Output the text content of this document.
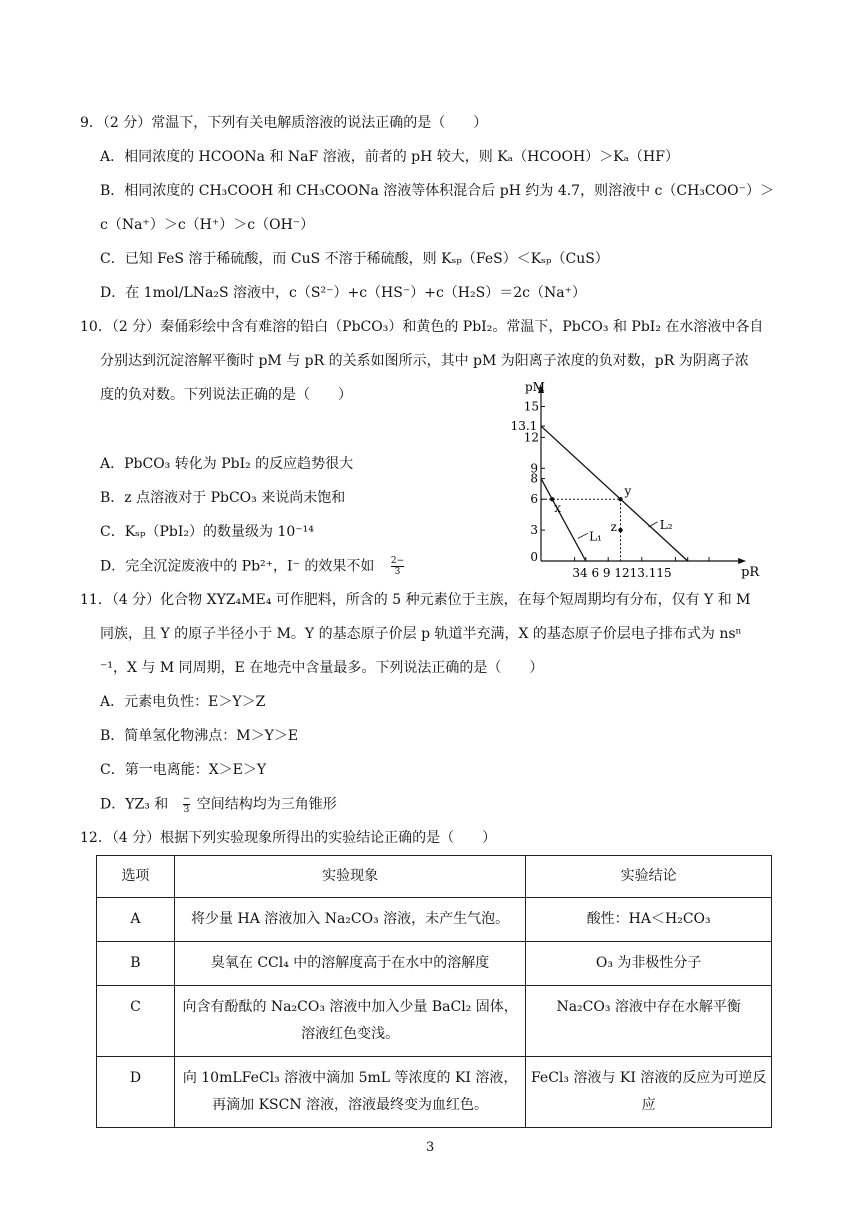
9．（2 分）常温下，下列有关电解质溶液的说法正确的是（　　）
A．相同浓度的 HCOONa 和 NaF 溶液，前者的 pH 较大，则 Kₐ（HCOOH）＞Kₐ（HF）
B．相同浓度的 CH₃COOH 和 CH₃COONa 溶液等体积混合后 pH 约为 4.7，则溶液中 c（CH₃COO⁻）＞
c（Na⁺）＞c（H⁺）＞c（OH⁻）
C．已知 FeS 溶于稀硫酸，而 CuS 不溶于稀硫酸，则 Kₛₚ（FeS）＜Kₛₚ（CuS）
D．在 1mol/LNa₂S 溶液中，c（S²⁻）+c（HS⁻）+c（H₂S）＝2c（Na⁺）
10．（2 分）秦俑彩绘中含有难溶的铅白（PbCO₃）和黄色的 PbI₂。常温下，PbCO₃ 和 PbI₂ 在水溶液中各自
分别达到沉淀溶解平衡时 pM 与 pR 的关系如图所示，其中 pM 为阳离子浓度的负对数，pR 为阴离子浓
度的负对数。下列说法正确的是（　　）
A．PbCO₃ 转化为 PbI₂ 的反应趋势很大
B．z 点溶液对于 PbCO₃ 来说尚未饱和
C．Kₛₚ（PbI₂）的数量级为 10⁻¹⁴
D．完全沉淀废液中的 Pb²⁺，I⁻ 的效果不如 $\frac{2-}{3}$
pM
pR
0
3
6
8
9
12
13.1
15
34 6 9 1213.115
L₁
L₂
x
y
z
11．（4 分）化合物 XYZ₄ME₄ 可作肥料，所含的 5 种元素位于主族，在每个短周期均有分布，仅有 Y 和 M
同族，且 Y 的原子半径小于 M。Y 的基态原子价层 p 轨道半充满，X 的基态原子价层电子排布式为 nsⁿ
⁻¹，X 与 M 同周期，E 在地壳中含量最多。下列说法正确的是（　　）
A．元素电负性：E＞Y＞Z
B．简单氢化物沸点：M＞Y＞E
C．第一电离能：X＞E＞Y
D．YZ₃ 和 −
3 空间结构均为三角锥形
12．（4 分）根据下列实验现象所得出的实验结论正确的是（　　）
选项	实验现象	实验结论
A	将少量 HA 溶液加入 Na₂CO₃ 溶液，未产生气泡。	酸性：HA＜H₂CO₃
B	臭氧在 CCl₄ 中的溶解度高于在水中的溶解度	O₃ 为非极性分子
C	向含有酚酞的 Na₂CO₃ 溶液中加入少量 BaCl₂ 固体，溶液红色变浅。	Na₂CO₃ 溶液中存在水解平衡
D	向 10mLFeCl₃ 溶液中滴加 5mL 等浓度的 KI 溶液，再滴加 KSCN 溶液，溶液最终变为血红色。	FeCl₃ 溶液与 KI 溶液的反应为可逆反应
3
